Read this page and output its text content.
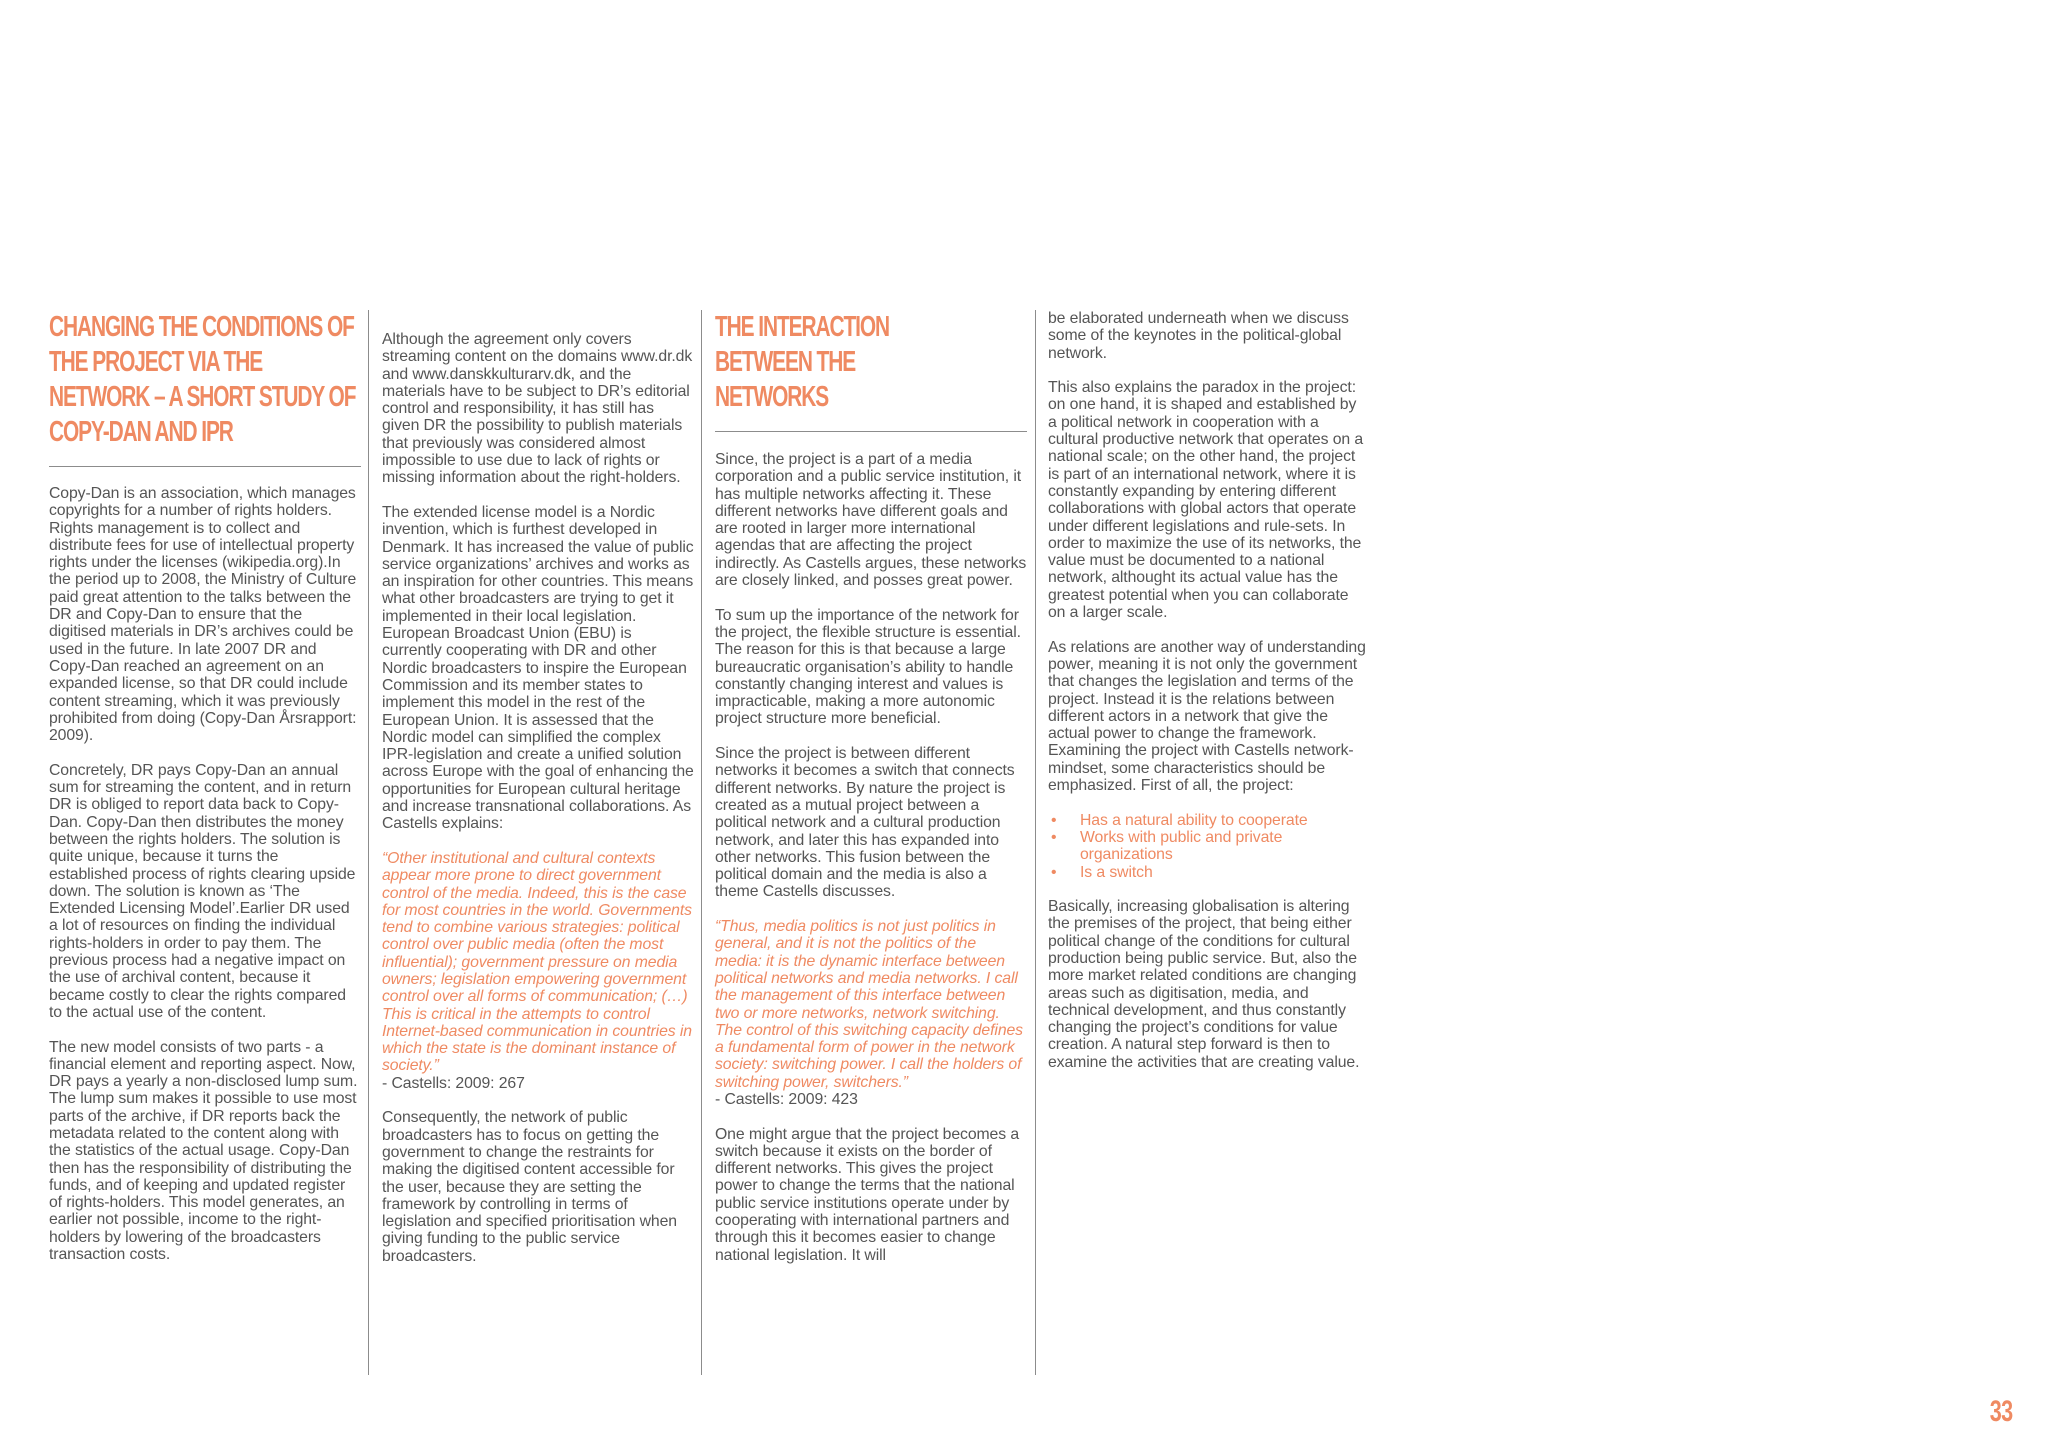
CHANGING THE CONDITIONS OF THE PROJECT VIA THE NETWORK – A SHORT STUDY OF COPY-DAN AND IPR

Copy-Dan is an association, which manages copyrights for a number of rights holders. Rights management is to collect and distribute fees for use of intellectual property rights under the licenses (wikipedia.org).In the period up to 2008, the Ministry of Culture paid great attention to the talks between the DR and Copy-Dan to ensure that the digitised materials in DR’s archives could be used in the future. In late 2007 DR and Copy-Dan reached an agreement on an expanded license, so that DR could include content streaming, which it was previously prohibited from doing (Copy-Dan Årsrapport: 2009).

Concretely, DR pays Copy-Dan an annual sum for streaming the content, and in return DR is obliged to report data back to Copy-Dan. Copy-Dan then distributes the money between the rights holders. The solution is quite unique, because it turns the established process of rights clearing upside down. The solution is known as ‘The Extended Licensing Model’.Earlier DR used a lot of resources on finding the individual rights-holders in order to pay them. The previous process had a negative impact on the use of archival content, because it became costly to clear the rights compared to the actual use of the content.

The new model consists of two parts - a financial element and reporting aspect. Now, DR pays a yearly a non-disclosed lump sum. The lump sum makes it possible to use most parts of the archive, if DR reports back the metadata related to the content along with the statistics of the actual usage. Copy-Dan then has the responsibility of distributing the funds, and of keeping and updated register of rights-holders. This model generates, an earlier not possible, income to the right-holders by lowering of the broadcasters transaction costs.

Although the agreement only covers streaming content on the domains www.dr.dk and www.danskkulturarv.dk, and the materials have to be subject to DR’s editorial control and responsibility, it has still has given DR the possibility to publish materials that previously was considered almost impossible to use due to lack of rights or missing information about the right-holders.

The extended license model is a Nordic invention, which is furthest developed in Denmark. It has increased the value of public service organizations’ archives and works as an inspiration for other countries. This means what other broadcasters are trying to get it implemented in their local legislation. European Broadcast Union (EBU) is currently cooperating with DR and other Nordic broadcasters to inspire the European Commission and its member states to implement this model in the rest of the European Union. It is assessed that the Nordic model can simplified the complex IPR-legislation and create a unified solution across Europe with the goal of enhancing the opportunities for European cultural heritage and increase transnational collaborations. As Castells explains:

“Other institutional and cultural contexts appear more prone to direct government control of the media. Indeed, this is the case for most countries in the world. Governments tend to combine various strategies: political control over public media (often the most influential); government pressure on media owners; legislation empowering government control over all forms of communication; (…) This is critical in the attempts to control Internet-based communication in countries in which the state is the dominant instance of society.”

- Castells: 2009: 267

Consequently, the network of public broadcasters has to focus on getting the government to change the restraints for making the digitised content accessible for the user, because they are setting the framework by controlling in terms of legislation and specified prioritisation when giving funding to the public service broadcasters.

THE INTERACTION BETWEEN THE NETWORKS

Since, the project is a part of a media corporation and a public service institution, it has multiple networks affecting it. These different networks have different goals and are rooted in larger more international agendas that are affecting the project indirectly. As Castells argues, these networks are closely linked, and posses great power.

To sum up the importance of the network for the project, the flexible structure is essential. The reason for this is that because a large bureaucratic organisation’s ability to handle constantly changing interest and values is impracticable, making a more autonomic project structure more beneficial.

Since the project is between different networks it becomes a switch that connects different networks. By nature the project is created as a mutual project between a political network and a cultural production network, and later this has expanded into other networks. This fusion between the political domain and the media is also a theme Castells discusses.

“Thus, media politics is not just politics in general, and it is not the politics of the media: it is the dynamic interface between political networks and media networks. I call the management of this interface between two or more networks, network switching. The control of this switching capacity defines a fundamental form of power in the network society: switching power. I call the holders of switching power, switchers.”

- Castells: 2009: 423

One might argue that the project becomes a switch because it exists on the border of different networks. This gives the project power to change the terms that the national public service institutions operate under by cooperating with international partners and through this it becomes easier to change national legislation. It will

be elaborated underneath when we discuss some of the keynotes in the political-global network.

This also explains the paradox in the project: on one hand, it is shaped and established by a political network in cooperation with a cultural productive network that operates on a national scale; on the other hand, the project is part of an international network, where it is constantly expanding by entering different collaborations with global actors that operate under different legislations and rule-sets. In order to maximize the use of its networks, the value must be documented to a national network, althought its actual value has the greatest potential when you can collaborate on a larger scale.

As relations are another way of understanding power, meaning it is not only the government that changes the legislation and terms of the project. Instead it is the relations between different actors in a network that give the actual power to change the framework. Examining the project with Castells network-mindset, some characteristics should be emphasized. First of all, the project:

• Has a natural ability to cooperate
• Works with public and private organizations
• Is a switch

Basically, increasing globalisation is altering the premises of the project, that being either political change of the conditions for cultural production being public service. But, also the more market related conditions are changing areas such as digitisation, media, and technical development, and thus constantly changing the project’s conditions for value creation. A natural step forward is then to examine the activities that are creating value.

33
